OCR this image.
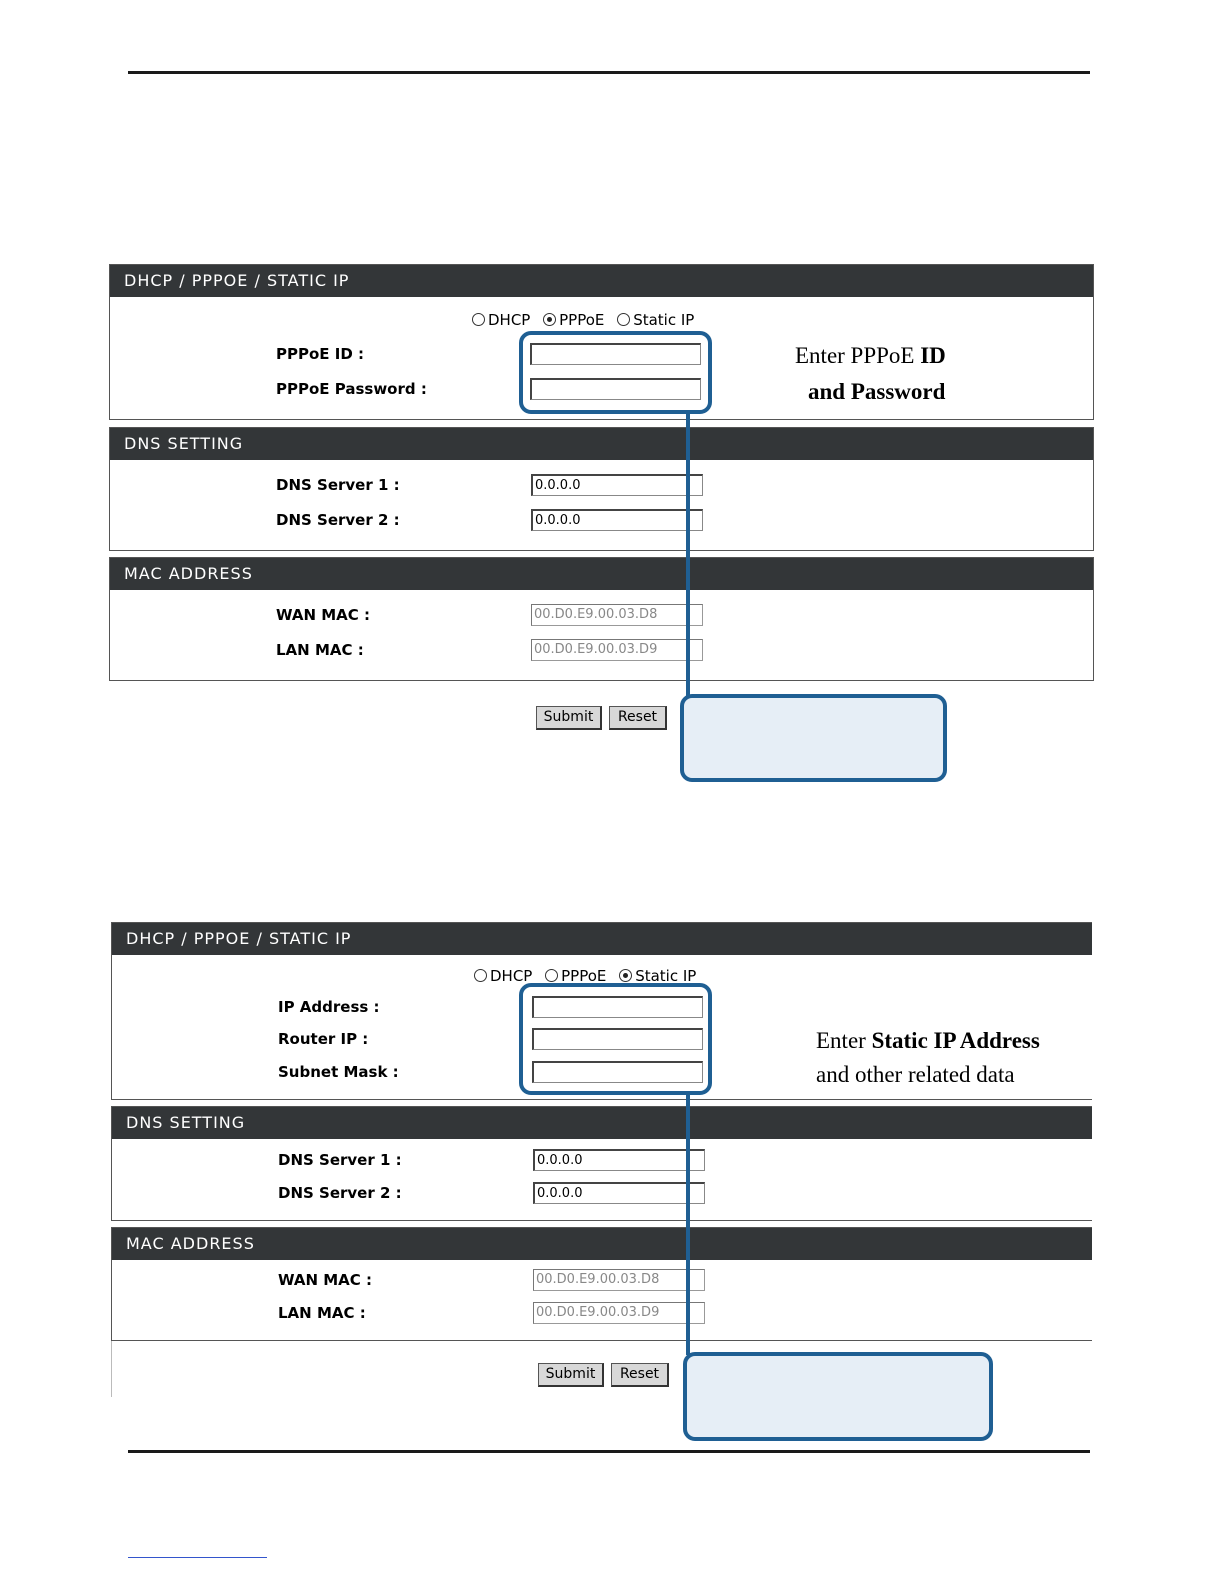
DHCP / PPPOE / STATIC IP
DHCP PPPoE Static IP
PPPoE ID :
PPPoE Password :
DNS SETTING
DNS Server 1 :	0.0.0.0
DNS Server 2 :	0.0.0.0
MAC ADDRESS
WAN MAC :	00.D0.E9.00.03.D8
LAN MAC :	00.D0.E9.00.03.D9
Submit	Reset
Enter PPPoE ID
and Password
DHCP / PPPOE / STATIC IP
DHCP PPPoE Static IP
IP Address :
Router IP :
Subnet Mask :
DNS SETTING
DNS Server 1 :	0.0.0.0
DNS Server 2 :	0.0.0.0
MAC ADDRESS
WAN MAC :	00.D0.E9.00.03.D8
LAN MAC :	00.D0.E9.00.03.D9
Submit	Reset
Enter Static IP Address
and other related data
